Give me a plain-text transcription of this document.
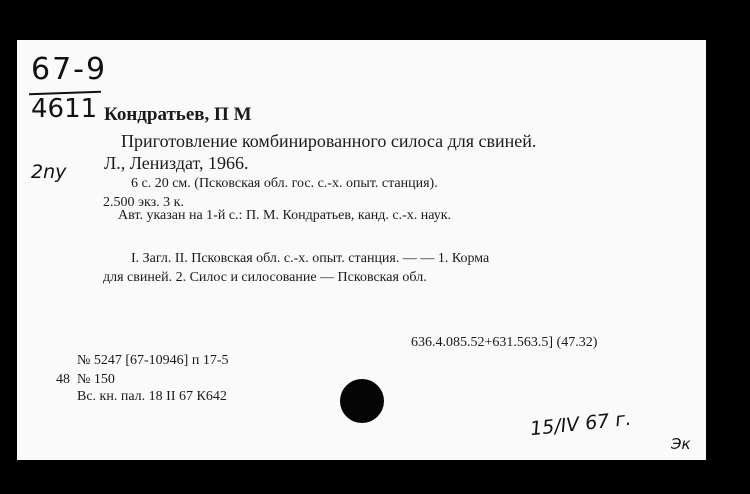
67-9
4611
2ny
Кондратьев, П М
Приготовление комбинированного силоса для свиней.
Л., Лениздат, 1966.
6 с. 20 см. (Псковская обл. гос. с.-х. опыт. станция).
2.500 экз. 3 к.
Авт. указан на 1-й с.: П. М. Кондратьев, канд. с.-х. наук.
I. Загл. II. Псковская обл. с.-х. опыт. станция. — — 1. Корма
для свиней. 2. Силос и силосование — Псковская обл.
636.4.085.52+631.563.5] (47.32)
№ 5247 [67-10946] п 17-5
48 № 150
Вс. кн. пал. 18 II 67 К642
15/IV 67 г.
Эк
